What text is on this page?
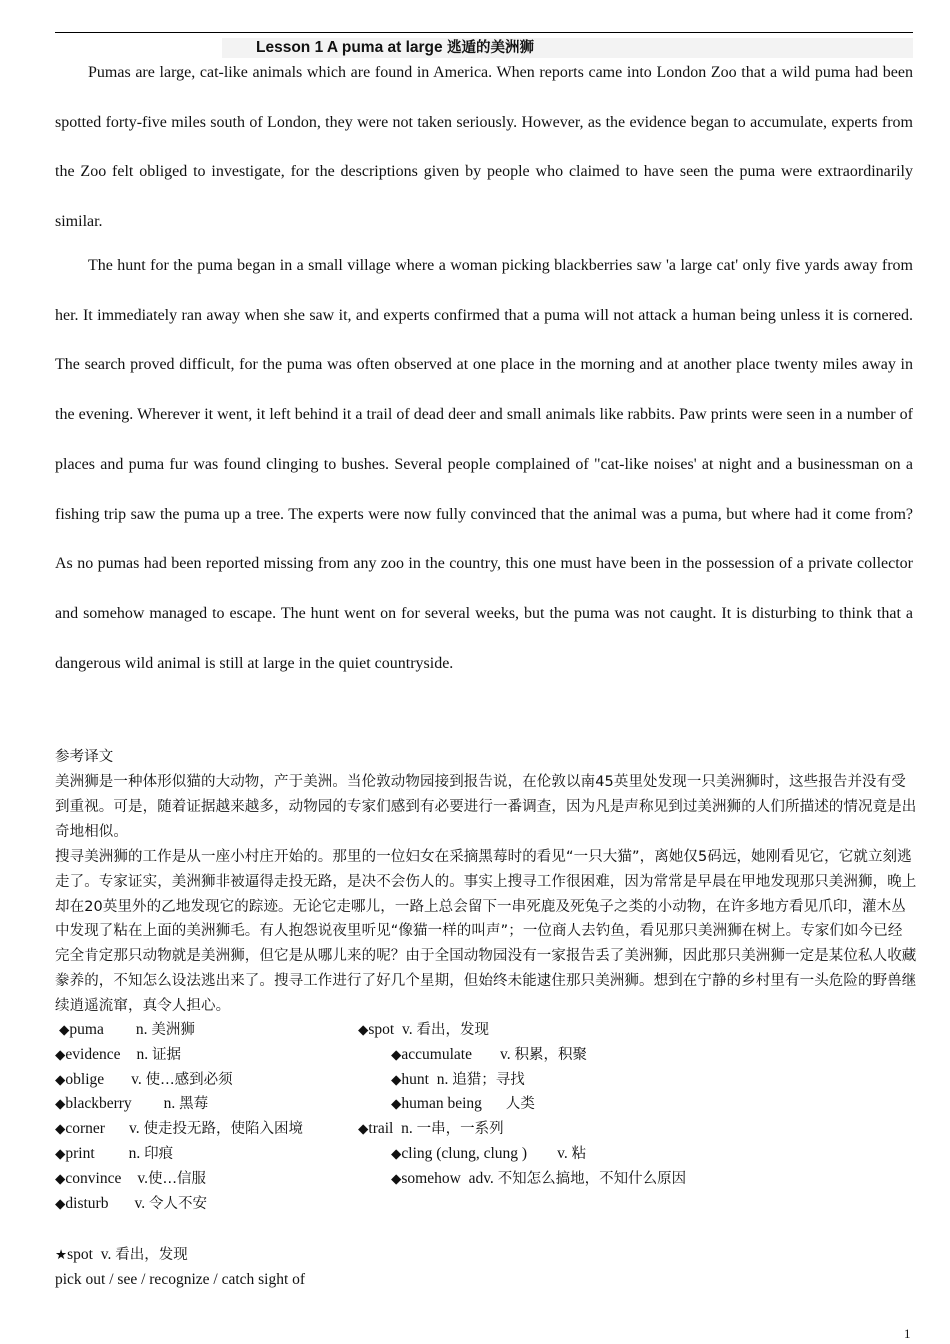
Lesson 1 A puma at large 逃遁的美洲狮

Pumas are large, cat-like animals which are found in America. When reports came into London Zoo that a wild puma had been spotted forty-five miles south of London, they were not taken seriously. However, as the evidence began to accumulate, experts from the Zoo felt obliged to investigate, for the descriptions given by people who claimed to have seen the puma were extraordinarily similar.

The hunt for the puma began in a small village where a woman picking blackberries saw 'a large cat' only five yards away from her. It immediately ran away when she saw it, and experts confirmed that a puma will not attack a human being unless it is cornered. The search proved difficult, for the puma was often observed at one place in the morning and at another place twenty miles away in the evening. Wherever it went, it left behind it a trail of dead deer and small animals like rabbits. Paw prints were seen in a number of places and puma fur was found clinging to bushes. Several people complained of "cat-like noises' at night and a businessman on a fishing trip saw the puma up a tree. The experts were now fully convinced that the animal was a puma, but where had it come from? As no pumas had been reported missing from any zoo in the country, this one must have been in the possession of a private collector and somehow managed to escape. The hunt went on for several weeks, but the puma was not caught. It is disturbing to think that a dangerous wild animal is still at large in the quiet countryside.

参考译文

美洲狮是一种体形似猫的大动物，产于美洲。当伦敦动物园接到报告说，在伦敦以南45英里处发现一只美洲狮时，这些报告并没有受到重视。可是，随着证据越来越多，动物园的专家们感到有必要进行一番调查，因为凡是声称见到过美洲狮的人们所描述的情况竟是出奇地相似。

搜寻美洲狮的工作是从一座小村庄开始的。那里的一位妇女在采摘黑莓时的看见“一只大猫”，离她仅5码远，她刚看见它，它就立刻逃走了。专家证实，美洲狮非被逼得走投无路，是决不会伤人的。事实上搜寻工作很困难，因为常常是早晨在甲地发现那只美洲狮，晚上却在20英里外的乙地发现它的踪迹。无论它走哪儿，一路上总会留下一串死鹿及死兔子之类的小动物，在许多地方看见爪印，灌木丛中发现了粘在上面的美洲狮毛。有人抱怨说夜里听见“像猫一样的叫声”；一位商人去钓鱼，看见那只美洲狮在树上。专家们如今已经完全肯定那只动物就是美洲狮，但它是从哪儿来的呢？由于全国动物园没有一家报告丢了美洲狮，因此那只美洲狮一定是某位私人收藏豢养的，不知怎么设法逃出来了。搜寻工作进行了好几个星期，但始终未能逮住那只美洲狮。想到在宁静的乡村里有一头危险的野兽继续逍遥流窜，真令人担心。

◆puma n. 美洲狮	◆spot v. 看出，发现
◆evidence n. 证据	◆accumulate v. 积累，积聚
◆oblige v. 使…感到必须	◆hunt n. 追猎；寻找
◆blackberry n. 黑莓	◆human being 人类
◆corner v. 使走投无路，使陷入困境	◆trail n. 一串，一系列
◆print n. 印痕	◆cling (clung, clung ) v. 粘
◆convince v.使…信服	◆somehow adv. 不知怎么搞地，不知什么原因
◆disturb v. 令人不安
★spot v. 看出，发现
pick out / see / recognize / catch sight of
1
